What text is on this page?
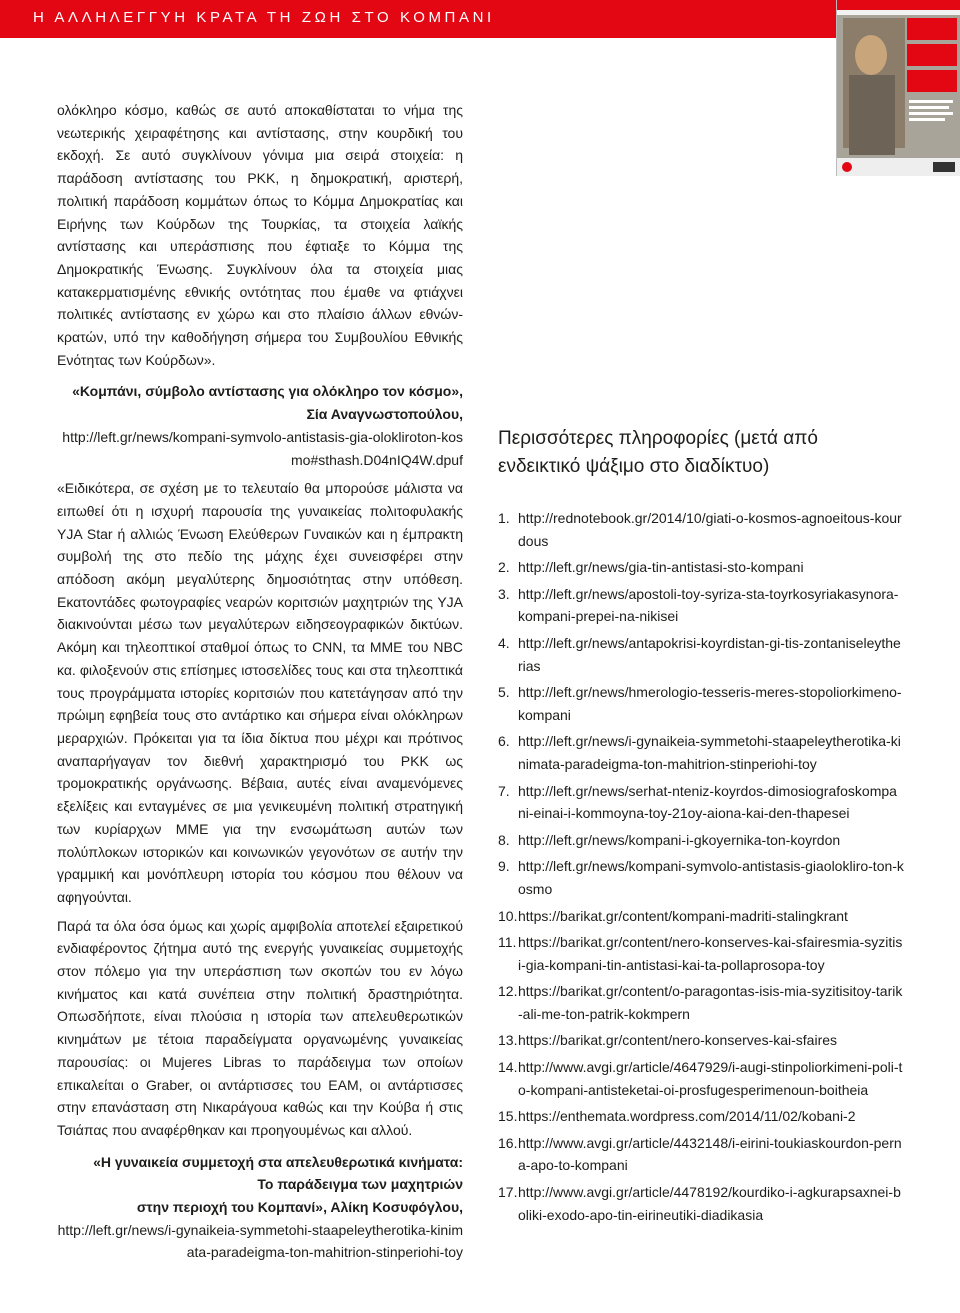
Η ΑΛΛΗΛΕΓΓΥΗ ΚΡΑΤΑ ΤΗ ΖΩΗ ΣΤΟ ΚΟΜΠΑΝΙ

ολόκληρο κόσμο, καθώς σε αυτό αποκαθίσταται το νήμα της νεωτερικής χειραφέτησης και αντίστασης, στην κουρδική του εκδοχή. Σε αυτό συγκλίνουν γόνιμα μια σειρά στοιχεία: η παράδοση αντίστασης του ΡΚΚ, η δημοκρατική, αριστερή, πολιτική παράδοση κομμάτων όπως το Κόμμα Δημοκρατίας και Ειρήνης των Κούρδων της Τουρκίας, τα στοιχεία λαϊκής αντίστασης και υπεράσπισης που έφτιαξε το Κόμμα της Δημοκρατικής Ένωσης. Συγκλίνουν όλα τα στοιχεία μιας κατακερματισμένης εθνικής οντότητας που έμαθε να φτιάχνει πολιτικές αντίστασης εν χώρω και στο πλαίσιο άλλων εθνών-κρατών, υπό την καθοδήγηση σήμερα του Συμβουλίου Εθνικής Ενότητας των Κούρδων».

«Κομπάνι, σύμβολο αντίστασης για ολόκληρο τον κόσμο», Σία Αναγνωστοπούλου,
http://left.gr/news/kompani-symvolo-antistasis-gia-oloklirоton-kosmo#sthash.D04nIQ4W.dpuf

«Ειδικότερα, σε σχέση με το τελευταίο θα μπορούσε μάλιστα να ειπωθεί ότι η ισχυρή παρουσία της γυναικείας πολιτοφυλακής YJA Star ή αλλιώς Ένωση Ελεύθερων Γυναικών και η έμπρακτη συμβολή της στο πεδίο της μάχης έχει συνεισφέρει στην απόδοση ακόμη μεγαλύτερης δημοσιότητας στην υπόθεση. Εκατοντάδες φωτογραφίες νεαρών κοριτσιών μαχητριών της YJA διακινούνται μέσω των μεγαλύτερων ειδησεογραφικών δικτύων. Ακόμη και τηλεοπτικοί σταθμοί όπως το CNN, τα ΜΜΕ του NBC κα. φιλοξενούν στις επίσημες ιστοσελίδες τους και στα τηλεοπτικά τους προγράμματα ιστορίες κοριτσιών που κατετάγησαν από την πρώιμη εφηβεία τους στο αντάρτικο και σήμερα είναι ολόκληρων μεραρχιών. Πρόκειται για τα ίδια δίκτυα που μέχρι και πρότινος αναπαρήγαγαν τον διεθνή χαρακτηρισμό του ΡΚΚ ως τρομοκρατικής οργάνωσης. Βέβαια, αυτές είναι αναμενόμενες εξελίξεις και ενταγμένες σε μια γενικευμένη πολιτική στρατηγική των κυρίαρχων ΜΜΕ για την ενσωμάτωση αυτών των πολύπλοκων ιστορικών και κοινωνικών γεγονότων σε αυτήν την γραμμική και μονόπλευρη ιστορία του κόσμου που θέλουν να αφηγούνται.

Παρά τα όλα όσα όμως και χωρίς αμφιβολία αποτελεί εξαιρετικού ενδιαφέροντος ζήτημα αυτό της ενεργής γυναικείας συμμετοχής στον πόλεμο για την υπεράσπιση των σκοπών του εν λόγω κινήματος και κατά συνέπεια στην πολιτική δραστηριότητα. Οπωσδήποτε, είναι πλούσια η ιστορία των απελευθερωτικών κινημάτων με τέτοια παραδείγματα οργανωμένης γυναικείας παρουσίας: οι Mujeres Libras το παράδειγμα των οποίων επικαλείται ο Graber, οι αντάρτισσες του ΕΑΜ, οι αντάρτισσες στην επανάσταση στη Νικαράγουα καθώς και την Κούβα ή στις Τσιάπας που αναφέρθηκαν και προηγουμένως και αλλού.

«Η γυναικεία συμμετοχή στα απελευθερωτικά κινήματα:
Το παράδειγμα των μαχητριών
στην περιοχή του Κομπανί», Αλίκη Κοσυφόγλου,
http://left.gr/news/i-gynaikeia-symmetohi-staapeleytherotika-kinimata-paradeigma-ton-mahitrion-stinperiohi-toy

Περισσότερες πληροφορίες (μετά από ενδεικτικό ψάξιμο στο διαδίκτυο)
1. http://rednotebook.gr/2014/10/giati-o-kosmos-agnoeitous-kourdous
2. http://left.gr/news/gia-tin-antistasi-sto-kompani
3. http://left.gr/news/apostoli-toy-syriza-sta-toyrkosyriakasynora-kompani-prepei-na-nikisei
4. http://left.gr/news/antapokrisi-koyrdistan-gi-tis-zontaniseleytherias
5. http://left.gr/news/hmerologio-tesseris-meres-stopoliorkimeno-kompani
6. http://left.gr/news/i-gynaikeia-symmetohi-staapeleytherotika-kinimata-paradeigma-ton-mahitrion-stinperiohi-toy
7. http://left.gr/news/serhat-nteniz-koyrdos-dimosiografoskompani-einai-i-kommoyna-toy-21oy-aiona-kai-den-thapesei
8. http://left.gr/news/kompani-i-gkoyernika-ton-koyrdon
9. http://left.gr/news/kompani-symvolo-antistasis-giaoloklirо-ton-kosmo
10. https://barikat.gr/content/kompani-madriti-stalingkrant
11. https://barikat.gr/content/nero-konserves-kai-sfairesmia-syzitisi-gia-kompani-tin-antistasi-kai-ta-pollaprosopa-toy
12. https://barikat.gr/content/o-paragontas-isis-mia-syzitisitoy-tarik-ali-me-ton-patrik-kokmpern
13. https://barikat.gr/content/nero-konserves-kai-sfaires
14. http://www.avgi.gr/article/4647929/i-augi-stinpoliorkimeni-poli-to-kompani-antisteketai-oi-prosfugesperimenoun-boitheia
15. https://enthemata.wordpress.com/2014/11/02/kobani-2
16. http://www.avgi.gr/article/4432148/i-eirini-toukiaskourdon-perna-apo-to-kompani
17. http://www.avgi.gr/article/4478192/kourdiko-i-agkurapsaxnei-boliki-exodo-apo-tin-eirineutiki-diadikasia
